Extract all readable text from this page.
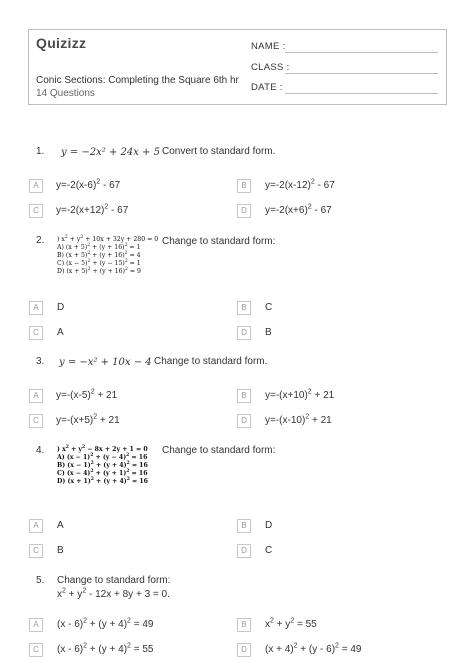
Quizizz
Conic Sections: Completing the Square 6th hr
14 Questions
NAME :
CLASS :
DATE :
1. y = −2x² + 24x + 5 Convert to standard form.
A	$y=-2(x-6)^2 - 67$	B	$y=-2(x-12)^2 - 67$
C	$y=-2(x+12)^2 - 67$	D	$y=-2(x+6)^2 - 67$
2. ) $x^2 + y^2 + 10x + 32y + 280 = 0$
A) $(x + 5)^2 + (y + 16)^2 = 1$
B) $(x + 5)^2 + (y + 16)^2 = 4$
C) $(x - 5)^2 + (y - 15)^2 = 1$
D) $(x + 5)^2 + (y + 16)^2 = 9$
Change to standard form:
A	D	B	C
C	A	D	B
3. y = −x² + 10x − 4 Change to standard form.
A	$y=-(x-5)^2 + 21$	B	$y=-(x+10)^2 + 21$
C	$y=-(x+5)^2 + 21$	D	$y=-(x-10)^2 + 21$
4. ) $x^2 + y^2 - 8x + 2y + 1 = 0$
A) $(x - 1)^2 + (y - 4)^2 = 16$
B) $(x - 1)^2 + (y + 4)^2 = 16$
C) $(x - 4)^2 + (y + 1)^2 = 16$
D) $(x + 1)^2 + (y + 4)^2 = 16$
Change to standard form:
A	A	B	D
C	B	D	C
5. Change to standard form:
$x^2 + y^2 - 12x + 8y + 3 = 0$.
A	$(x - 6)^2 + (y + 4)^2 = 49$	B	$x^2 + y^2 = 55$
C	$(x - 6)^2 + (y + 4)^2 = 55$	D	$(x + 4)^2 + (y - 6)^2 = 49$
